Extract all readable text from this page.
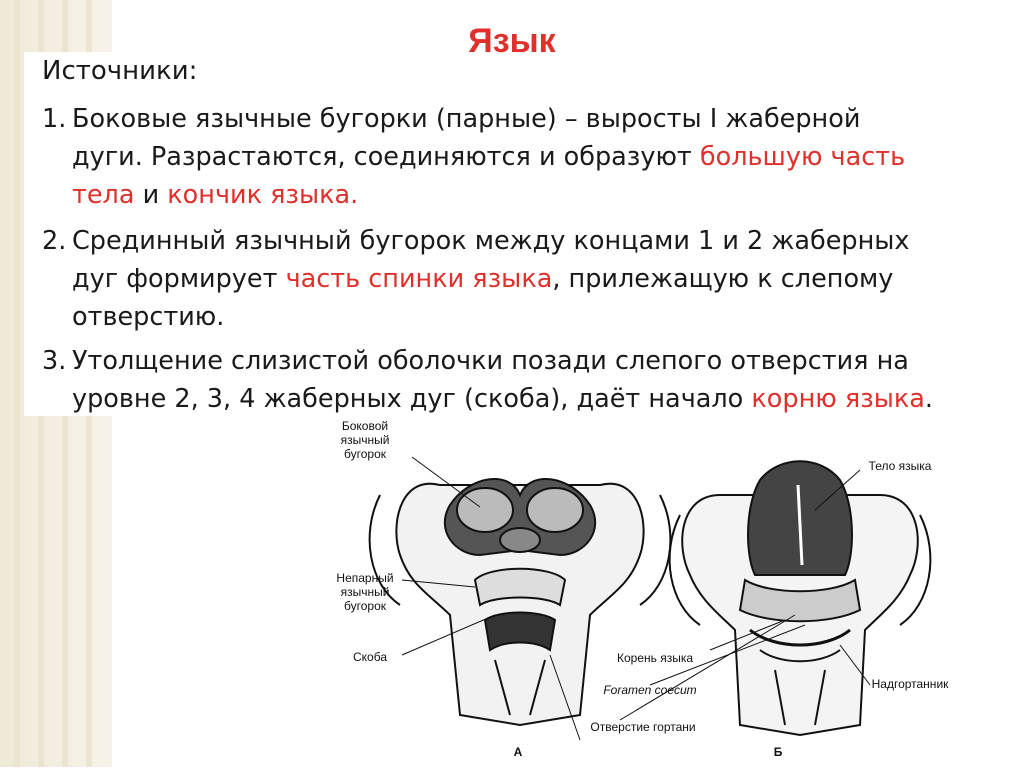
Язык
Источники:
1. Боковые язычные бугорки (парные) – выросты I жаберной
дуги. Разрастаются, соединяются и образуют большую часть
тела и кончик языка.
2. Срединный язычный бугорок между концами 1 и 2 жаберных
дуг формирует часть спинки языка, прилежащую к слепому
отверстию.
3. Утолщение слизистой оболочки позади слепого отверстия на
уровне 2, 3, 4 жаберных дуг (скоба), даёт начало корню языка.
Боковой
язычный
бугорок
Непарный
язычный
бугорок
Скоба
Тело языка
Корень языка
Foramen coecum	Надгортанник
Отверстие гортани
А	Б
